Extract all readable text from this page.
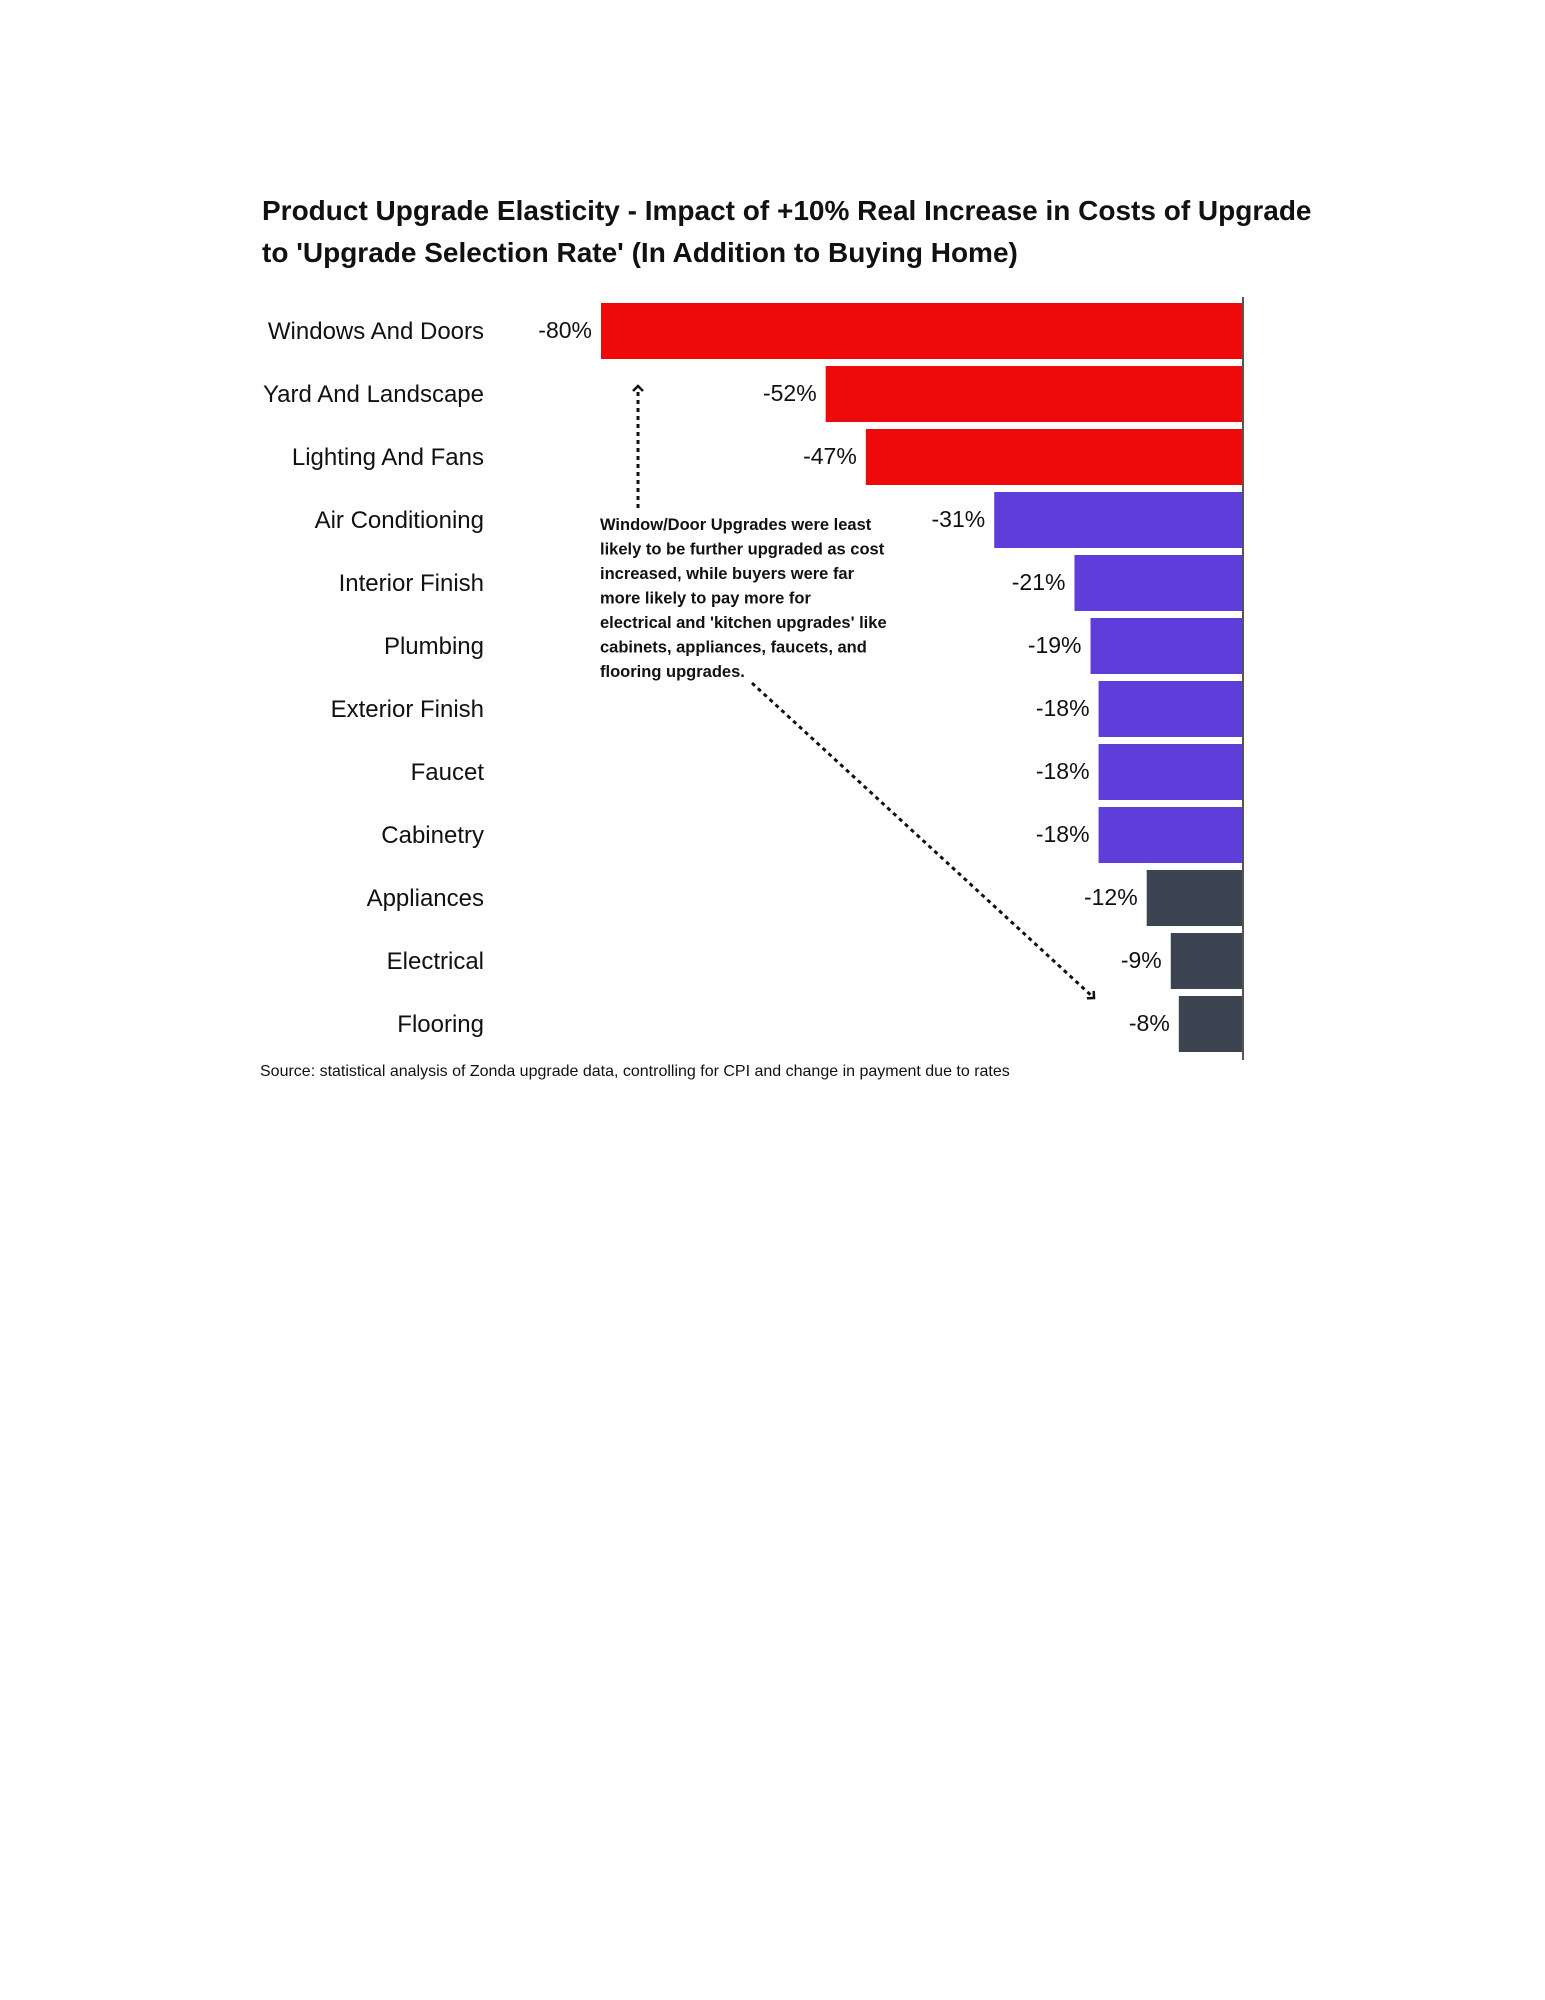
Product Upgrade Elasticity - Impact of +10% Real Increase in Costs of Upgrade
to 'Upgrade Selection Rate' (In Addition to Buying Home)
Windows And Doors
Yard And Landscape
Lighting And Fans
Air Conditioning
Interior Finish
Plumbing
Exterior Finish
Faucet
Cabinetry
Appliances
Electrical
Flooring
-80%
-52%
-47%
-31%
-21%
-19%
-18%
-18%
-18%
-12%
-9%
-8%
Window/Door Upgrades were least
likely to be further upgraded as cost
increased, while buyers were far
more likely to pay more for
electrical and 'kitchen upgrades' like
cabinets, appliances, faucets, and
flooring upgrades.
Source: statistical analysis of Zonda upgrade data, controlling for CPI and change in payment due to rates
